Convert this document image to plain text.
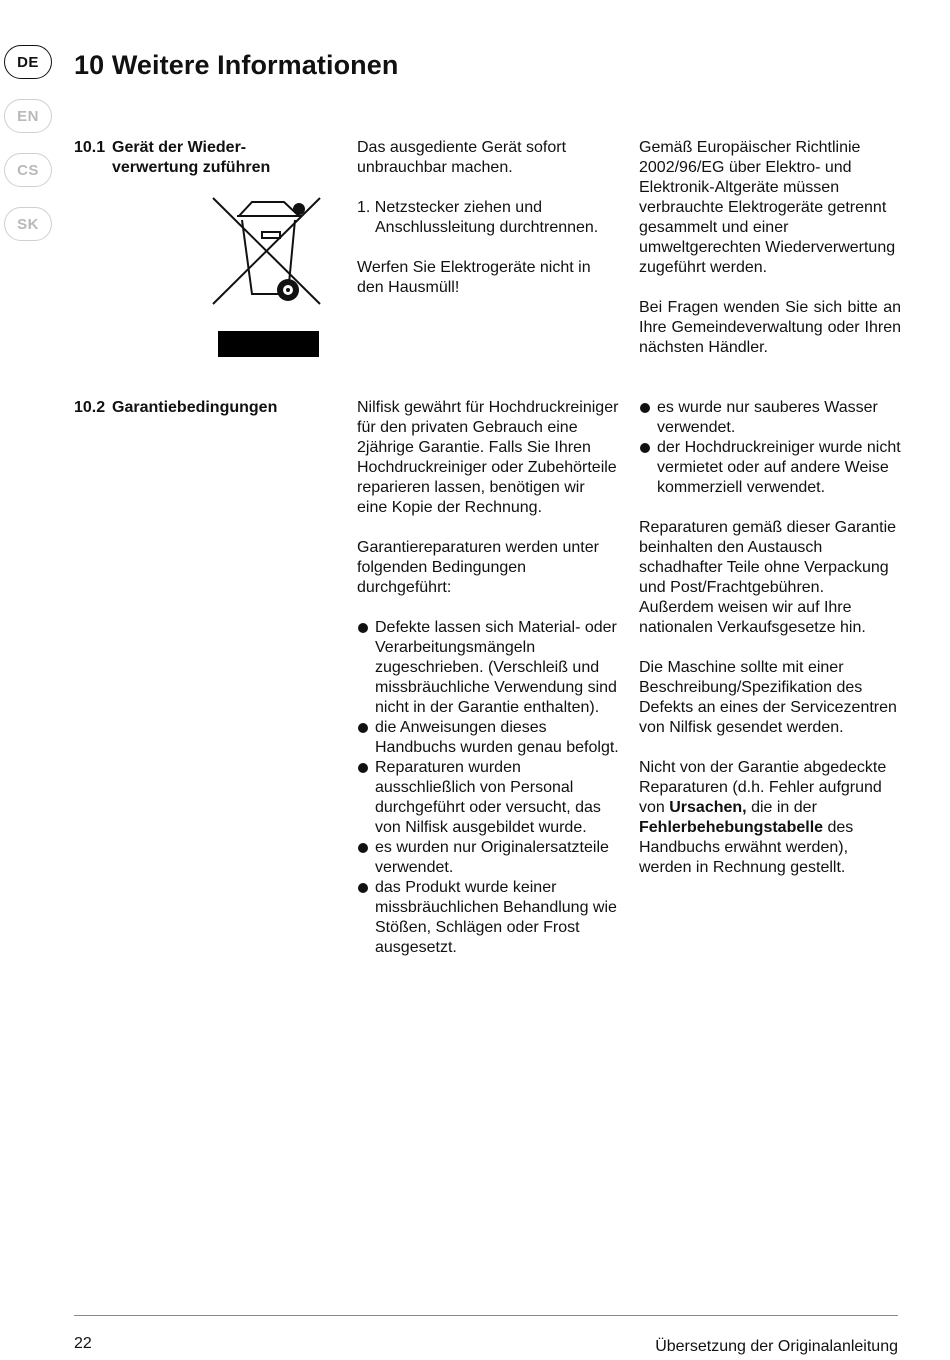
DE
EN
CS
SK
10 Weitere Informationen
10.1 Gerät der Wieder-
verwertung zuführen

Das ausgediente Gerät sofort unbrauchbar machen.

1. Netzstecker ziehen und Anschlussleitung durchtrennen.

Werfen Sie Elektrogeräte nicht in den Hausmüll!

Gemäß Europäischer Richtlinie 2002/96/EG über Elektro- und Elektronik-Altgeräte müssen verbrauchte Elektrogeräte getrennt gesammelt und einer umweltgerechten Wiederverwertung zugeführt werden.

Bei Fragen wenden Sie sich bitte an Ihre Gemeindeverwaltung oder Ihren nächsten Händler.

10.2 Garantiebedingungen	Nilfisk gewährt für Hochdruckreiniger für den privaten Gebrauch eine 2jährige Garantie. Falls Sie Ihren Hochdruckreiniger oder Zubehörteile reparieren lassen, benötigen wir eine Kopie der Rechnung.

Garantiereparaturen werden unter folgenden Bedingungen durchgeführt:

Defekte lassen sich Material- oder Verarbeitungsmängeln zugeschrieben. (Verschleiß und missbräuchliche Verwendung sind nicht in der Garantie enthalten).
die Anweisungen dieses Handbuchs wurden genau befolgt.
Reparaturen wurden ausschließlich von Personal durchgeführt oder versucht, das von Nilfisk ausgebildet wurde.
es wurden nur Originalersatzteile verwendet.
das Produkt wurde keiner missbräuchlichen Behandlung wie Stößen, Schlägen oder Frost ausgesetzt.
es wurde nur sauberes Wasser verwendet.
der Hochdruckreiniger wurde nicht vermietet oder auf andere Weise kommerziell verwendet.

Reparaturen gemäß dieser Garantie beinhalten den Austausch schadhafter Teile ohne Verpackung und Post/Frachtgebühren. Außerdem weisen wir auf Ihre nationalen Verkaufsgesetze hin.

Die Maschine sollte mit einer Beschreibung/Spezifikation des Defekts an eines der Servicezentren von Nilfisk gesendet werden.

Nicht von der Garantie abgedeckte Reparaturen (d.h. Fehler aufgrund von Ursachen, die in der Fehlerbehebungstabelle des Handbuchs erwähnt werden), werden in Rechnung gestellt.

22	Übersetzung der Originalanleitung
